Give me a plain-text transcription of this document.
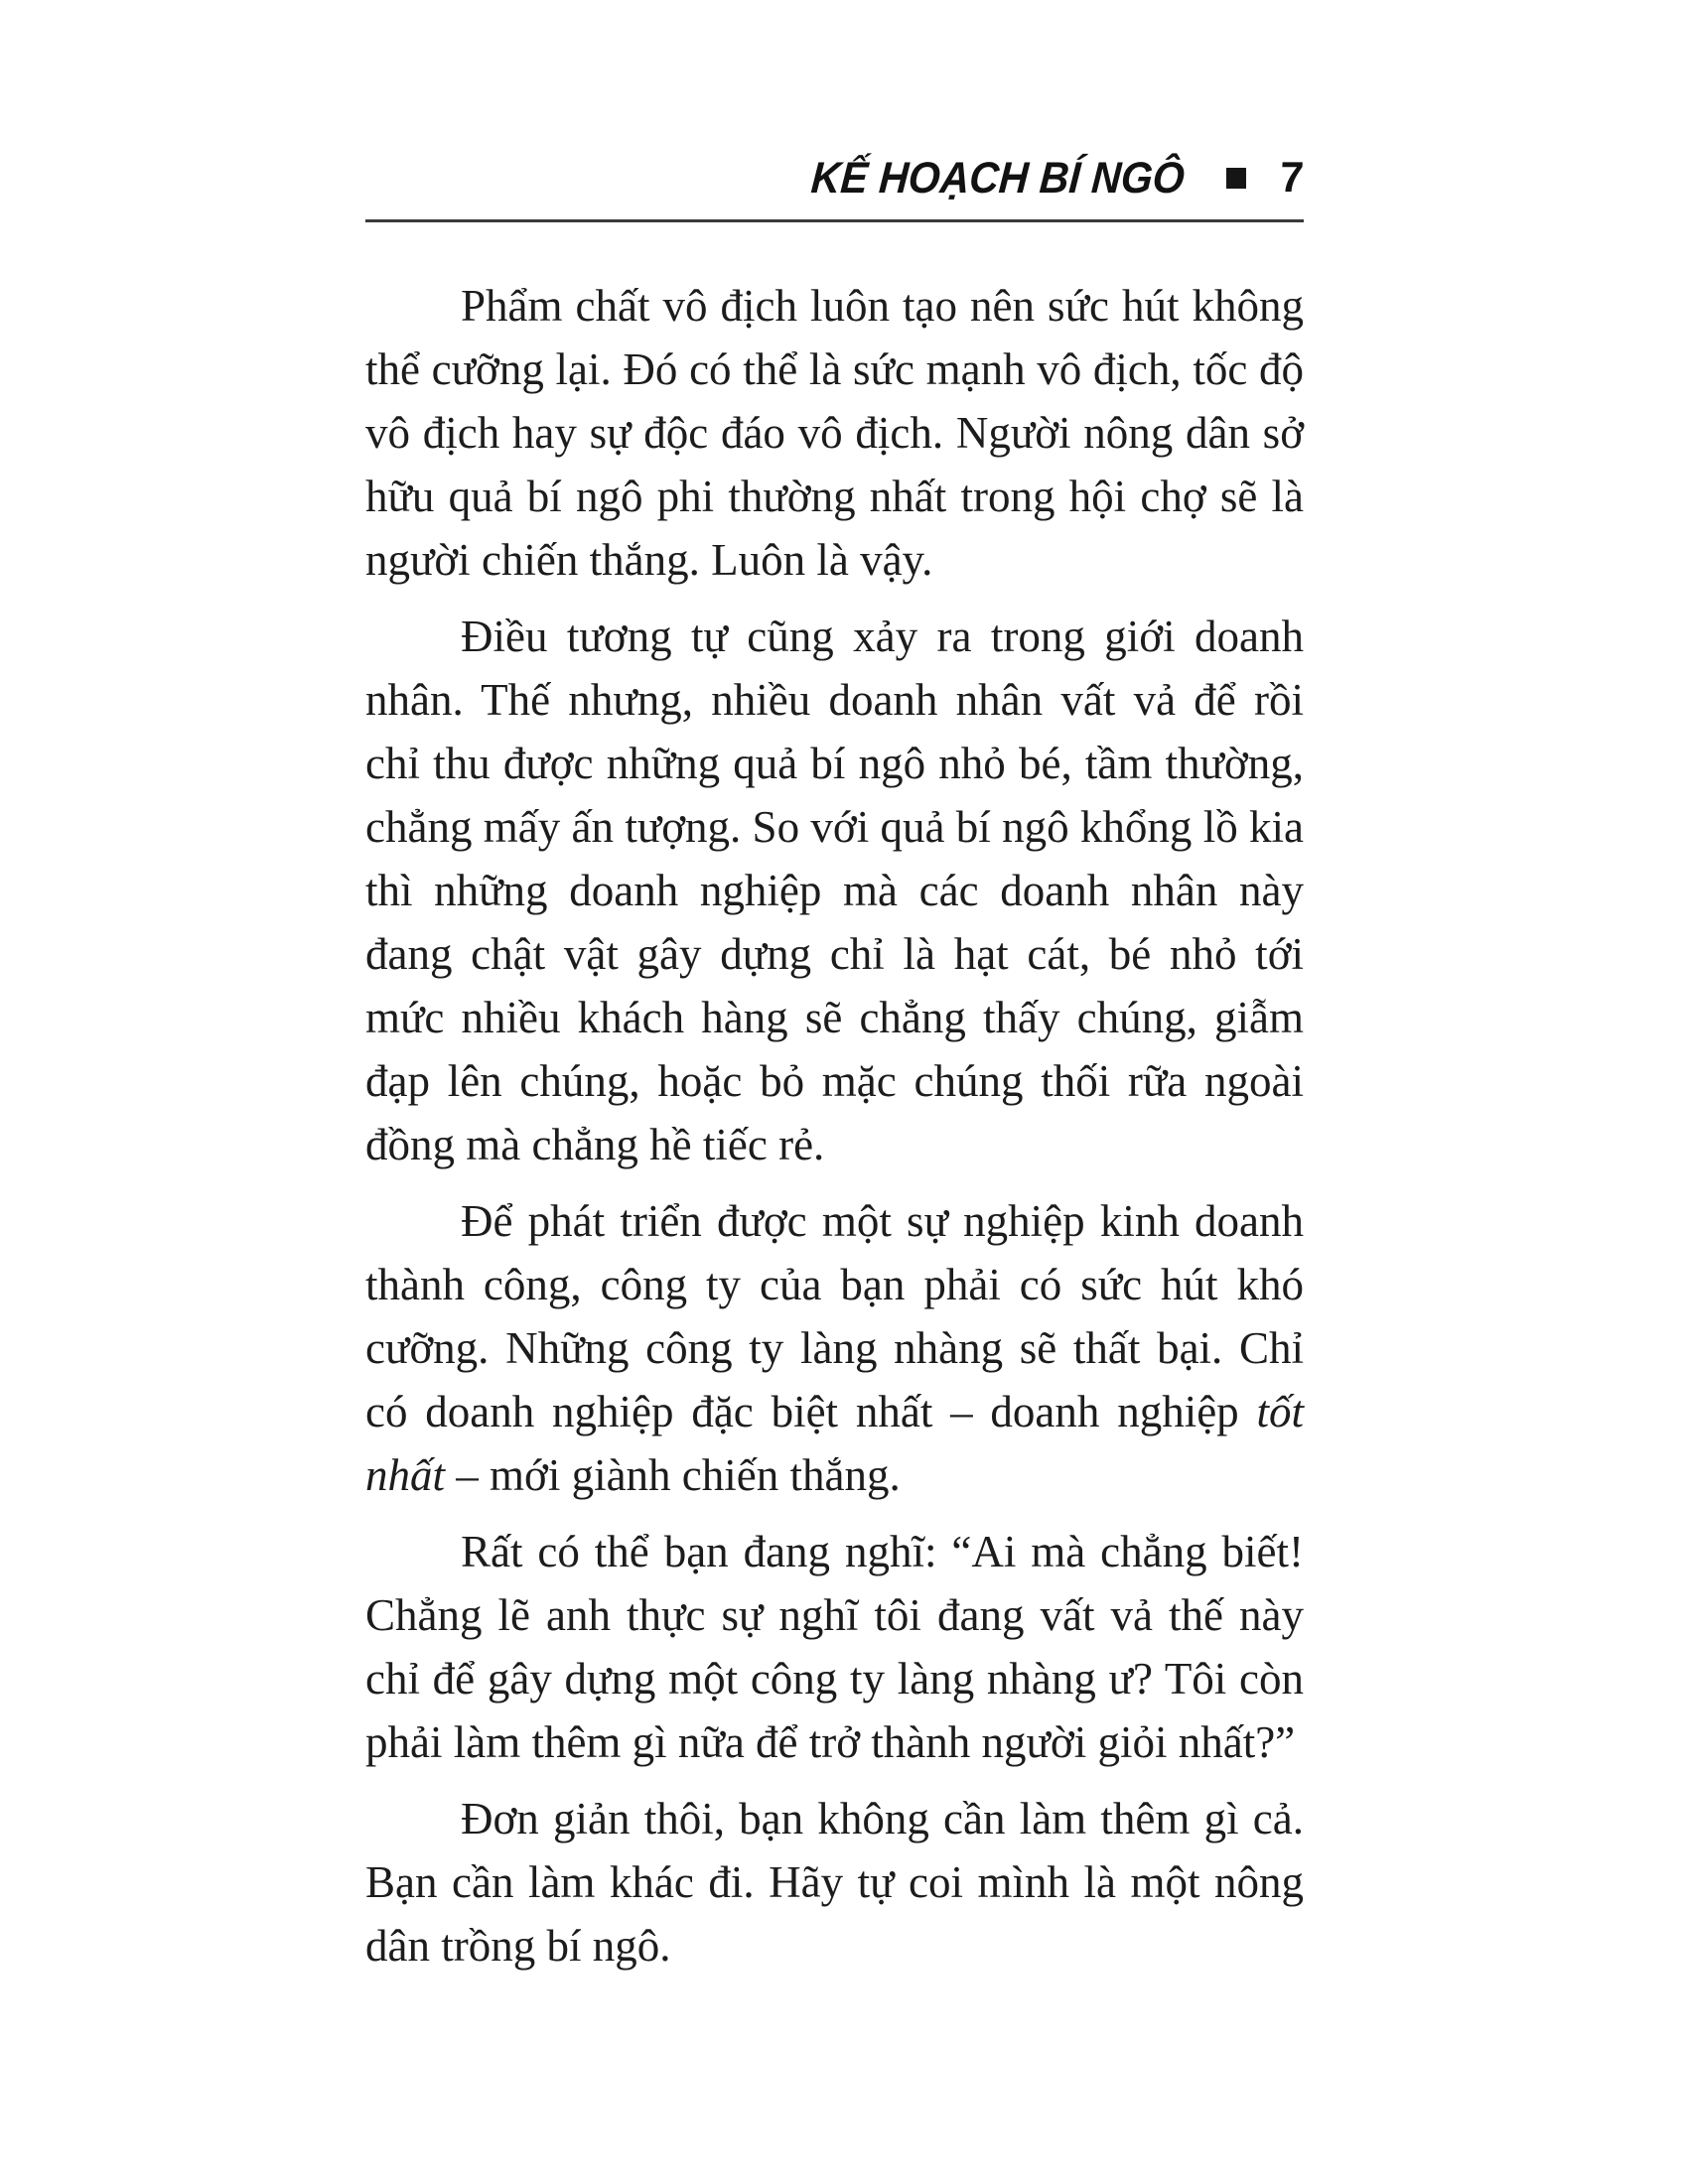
KẾ HOẠCH BÍ NGÔ 7

Phẩm chất vô địch luôn tạo nên sức hút không thể cưỡng lại. Đó có thể là sức mạnh vô địch, tốc độ vô địch hay sự độc đáo vô địch. Người nông dân sở hữu quả bí ngô phi thường nhất trong hội chợ sẽ là người chiến thắng. Luôn là vậy.

Điều tương tự cũng xảy ra trong giới doanh nhân. Thế nhưng, nhiều doanh nhân vất vả để rồi chỉ thu được những quả bí ngô nhỏ bé, tầm thường, chẳng mấy ấn tượng. So với quả bí ngô khổng lồ kia thì những doanh nghiệp mà các doanh nhân này đang chật vật gây dựng chỉ là hạt cát, bé nhỏ tới mức nhiều khách hàng sẽ chẳng thấy chúng, giẫm đạp lên chúng, hoặc bỏ mặc chúng thối rữa ngoài đồng mà chẳng hề tiếc rẻ.

Để phát triển được một sự nghiệp kinh doanh thành công, công ty của bạn phải có sức hút khó cưỡng. Những công ty làng nhàng sẽ thất bại. Chỉ có doanh nghiệp đặc biệt nhất – doanh nghiệp tốt nhất – mới giành chiến thắng.

Rất có thể bạn đang nghĩ: “Ai mà chẳng biết! Chẳng lẽ anh thực sự nghĩ tôi đang vất vả thế này chỉ để gây dựng một công ty làng nhàng ư? Tôi còn phải làm thêm gì nữa để trở thành người giỏi nhất?”

Đơn giản thôi, bạn không cần làm thêm gì cả. Bạn cần làm khác đi. Hãy tự coi mình là một nông dân trồng bí ngô.
